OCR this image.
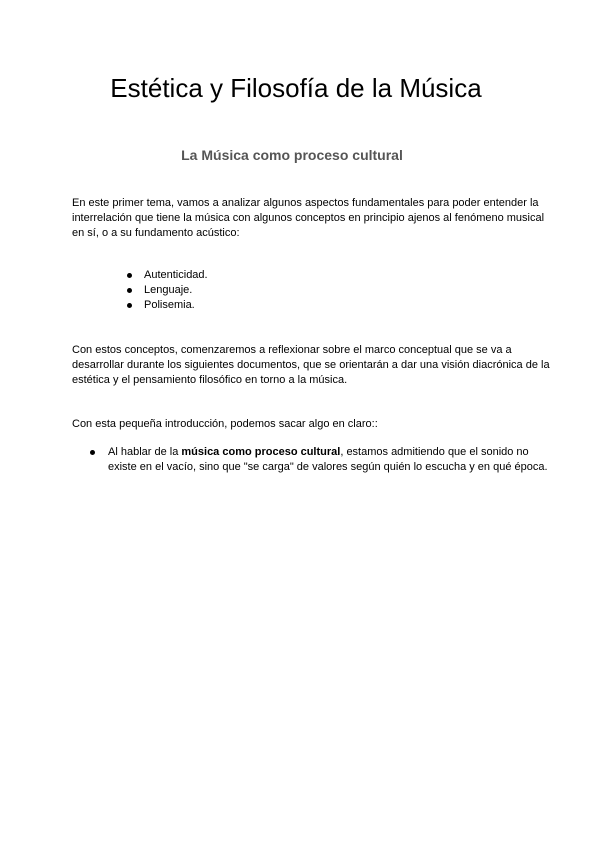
Estética y Filosofía de la Música
La Música como proceso cultural

En este primer tema, vamos a analizar algunos aspectos fundamentales para poder entender la interrelación que tiene la música con algunos conceptos en principio ajenos al fenómeno musical en sí, o a su fundamento acústico:

Autenticidad.
Lenguaje.
Polisemia.

Con estos conceptos, comenzaremos a reflexionar sobre el marco conceptual que se va a desarrollar durante los siguientes documentos, que se orientarán a dar una visión diacrónica de la estética y el pensamiento filosófico en torno a la música.

Con esta pequeña introducción, podemos sacar algo en claro::

Al hablar de la música como proceso cultural, estamos admitiendo que el sonido no existe en el vacío, sino que "se carga" de valores según quién lo escucha y en qué época.
